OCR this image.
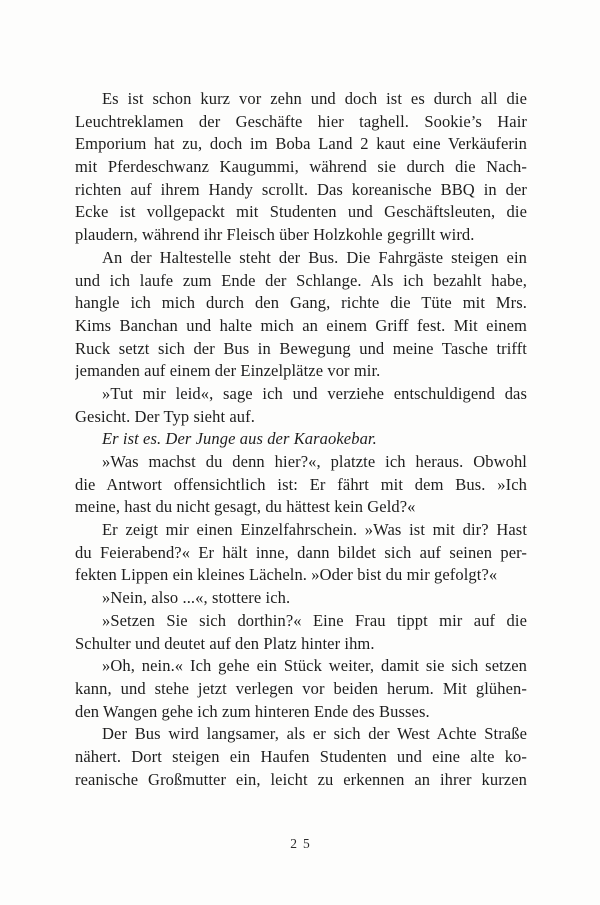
Es ist schon kurz vor zehn und doch ist es durch all die
Leuchtreklamen der Geschäfte hier taghell. Sookie’s Hair
Emporium hat zu, doch im Boba Land 2 kaut eine Verkäuferin
mit Pferdeschwanz Kaugummi, während sie durch die Nach-
richten auf ihrem Handy scrollt. Das koreanische BBQ in der
Ecke ist vollgepackt mit Studenten und Geschäftsleuten, die
plaudern, während ihr Fleisch über Holzkohle gegrillt wird.
An der Haltestelle steht der Bus. Die Fahrgäste steigen ein
und ich laufe zum Ende der Schlange. Als ich bezahlt habe,
hangle ich mich durch den Gang, richte die Tüte mit Mrs.
Kims Banchan und halte mich an einem Griff fest. Mit einem
Ruck setzt sich der Bus in Bewegung und meine Tasche trifft
jemanden auf einem der Einzelplätze vor mir.
»Tut mir leid«, sage ich und verziehe entschuldigend das
Gesicht. Der Typ sieht auf.
Er ist es. Der Junge aus der Karaokebar.
»Was machst du denn hier?«, platzte ich heraus. Obwohl
die Antwort offensichtlich ist: Er fährt mit dem Bus. »Ich
meine, hast du nicht gesagt, du hättest kein Geld?«
Er zeigt mir einen Einzelfahrschein. »Was ist mit dir? Hast
du Feierabend?« Er hält inne, dann bildet sich auf seinen per-
fekten Lippen ein kleines Lächeln. »Oder bist du mir gefolgt?«
»Nein, also ...«, stottere ich.
»Setzen Sie sich dorthin?« Eine Frau tippt mir auf die
Schulter und deutet auf den Platz hinter ihm.
»Oh, nein.« Ich gehe ein Stück weiter, damit sie sich setzen
kann, und stehe jetzt verlegen vor beiden herum. Mit glühen-
den Wangen gehe ich zum hinteren Ende des Busses.
Der Bus wird langsamer, als er sich der West Achte Straße
nähert. Dort steigen ein Haufen Studenten und eine alte ko-
reanische Großmutter ein, leicht zu erkennen an ihrer kurzen
25
